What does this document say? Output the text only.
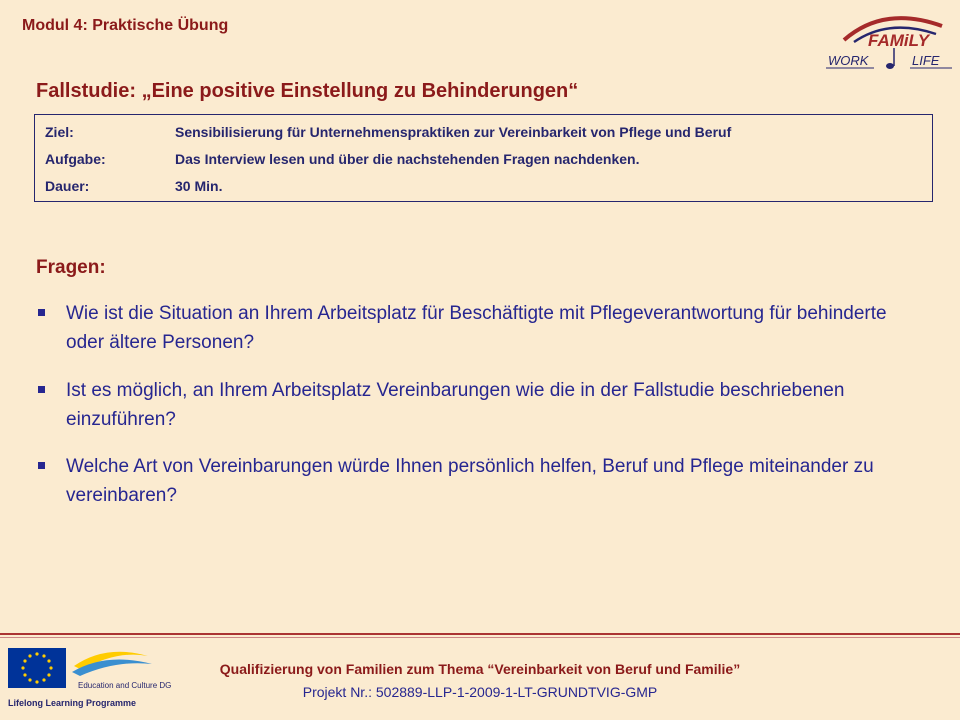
Modul 4: Praktische Übung
FAMiLY
WORK	LIFE
Fallstudie: „Eine positive Einstellung zu Behinderungen“
Ziel:	Sensibilisierung für Unternehmenspraktiken zur Vereinbarkeit von Pflege und Beruf
Aufgabe:	Das Interview lesen und über die nachstehenden Fragen nachdenken.
Dauer:	30 Min.
Fragen:
Wie ist die Situation an Ihrem Arbeitsplatz für Beschäftigte mit Pflegeverantwortung für behinderte oder ältere Personen?
Ist es möglich, an Ihrem Arbeitsplatz Vereinbarungen wie die in der Fallstudie beschriebenen einzuführen?
Welche Art von Vereinbarungen würde Ihnen persönlich helfen, Beruf und Pflege miteinander zu vereinbaren?
Education and Culture DG
Lifelong Learning Programme
Qualifizierung von Familien zum Thema “Vereinbarkeit von Beruf und Familie”
Projekt Nr.: 502889-LLP-1-2009-1-LT-GRUNDTVIG-GMP
